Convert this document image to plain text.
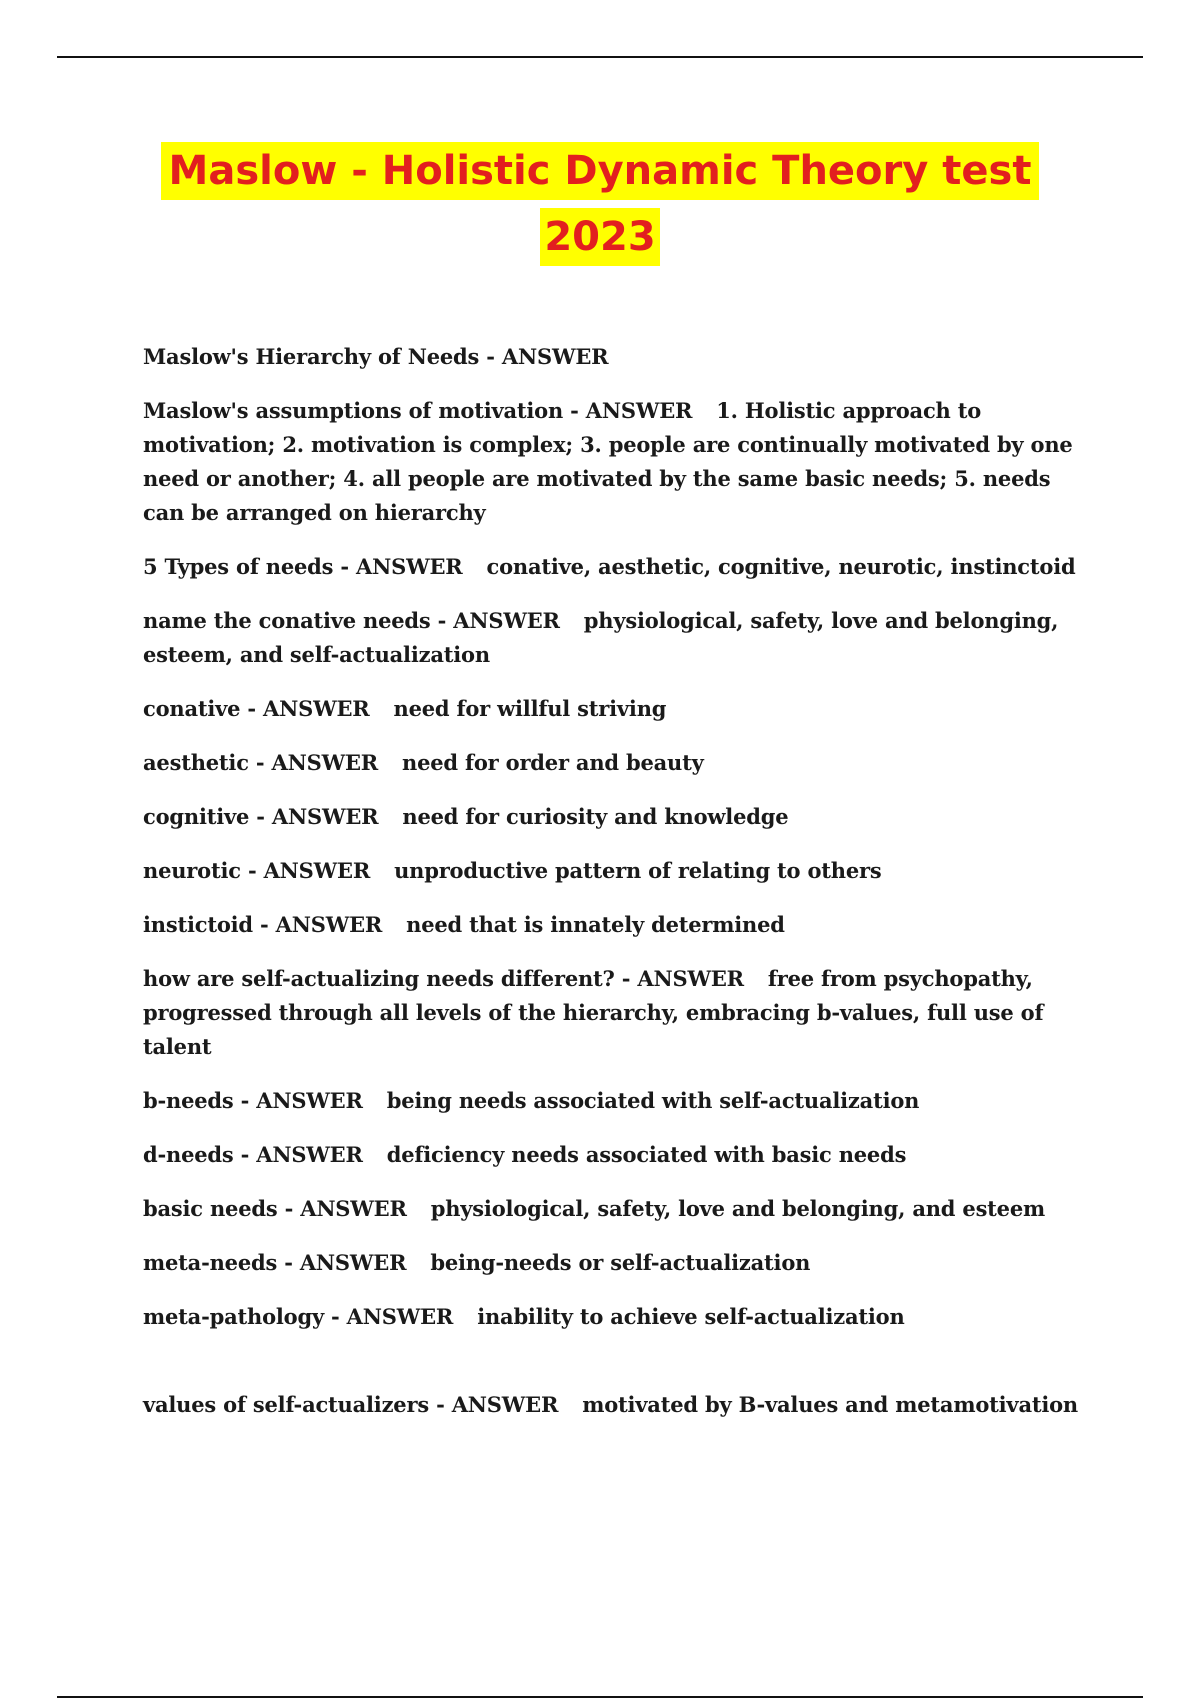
Maslow - Holistic Dynamic Theory test
2023

Maslow's Hierarchy of Needs - ANSWER

Maslow's assumptions of motivation - ANSWER 1. Holistic approach to motivation; 2. motivation is complex; 3. people are continually motivated by one need or another; 4. all people are motivated by the same basic needs; 5. needs can be arranged on hierarchy

5 Types of needs - ANSWER conative, aesthetic, cognitive, neurotic, instinctoid

name the conative needs - ANSWER physiological, safety, love and belonging, esteem, and self-actualization

conative - ANSWER need for willful striving

aesthetic - ANSWER need for order and beauty

cognitive - ANSWER need for curiosity and knowledge

neurotic - ANSWER unproductive pattern of relating to others

instictoid - ANSWER need that is innately determined

how are self-actualizing needs different? - ANSWER free from psychopathy, progressed through all levels of the hierarchy, embracing b-values, full use of talent

b-needs - ANSWER being needs associated with self-actualization

d-needs - ANSWER deficiency needs associated with basic needs

basic needs - ANSWER physiological, safety, love and belonging, and esteem

meta-needs - ANSWER being-needs or self-actualization

meta-pathology - ANSWER inability to achieve self-actualization

values of self-actualizers - ANSWER motivated by B-values and metamotivation
